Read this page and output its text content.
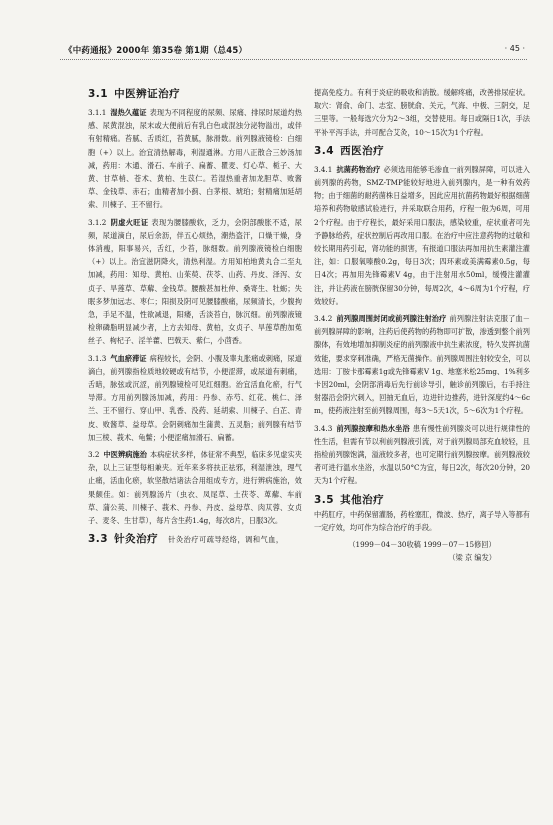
《中药通报》2000年 第35卷 第1期（总45）	· 45 ·
3.1 中医辨证治疗

3.1.1 湿热久蕴证 表现为不同程度的尿频、尿痛、排尿时尿道灼热感、尿黄混浊，尿末或大便前后有乳白色或混浊分泌物溢出，或伴有射精痛。苔腻、舌质红，苔黄腻，脉滑数。前列腺液镜检：白细胞（+）以上。治宜清热解毒，利湿通淋。方用八正散合三妙汤加减，药用：木通、滑石、车前子、扁蓄、瞿麦、灯心草、栀子、大黄、甘草梢、苍术、黄柏、生苡仁。若湿热重者加龙胆草、败酱草、金钱草、赤石；血精者加小蓟、白茅根、琥珀；射精痛加延胡索、川楝子、王不留行。

3.1.2 阴虚火旺证 表现为腰膝酸软，乏力，会阴部酸胀不适，尿频，尿道滴白，尿后余沥，伴五心烦热，潮热盗汗，口燥干燥，身体消瘦，阳事易兴，舌红，少苔，脉细数。前列腺液镜检白细胞（+）以上。治宜滋阴降火，清热利湿。方用知柏地黄丸合二至丸加减，药用：知母、黄柏、山茱萸、茯苓、山药、丹皮、泽泻、女贞子、旱莲草、草薢、金钱草。腰酸甚加杜仲、桑寄生、牡蛎；失眠多梦加远志、枣仁；阳损及阴可见腰膝酸痛，尿频清长，少腹拘急，手足不温，性欲减退，阳痿，舌淡苔白，脉沉细。前列腺液镜检卵磷脂明显减少者，上方去知母、黄柏，女贞子、旱莲草酌加菟丝子、枸杞子、淫羊藿、巴戟天、紫仁，小茴香。

3.1.3 气血瘀滞证 病程较长，会阴、小腹及睾丸胀痛或刺痛，尿道滴白，前列腺指检质地较硬或有结节，小便涩滞，或尿道有刺痛，舌暗，脉弦或沉涩，前列腺镜检可见红细胞。治宜活血化瘀，行气导滞。方用前列腺汤加减，药用：丹参、赤芍、红花、桃仁、泽兰、王不留行、穿山甲、乳香、没药、延胡索、川楝子、白芷、青皮、败酱草、益母草。会阴刺痛加生蒲黄、五灵脂；前列腺有结节加三棱、莪术、龟鳖；小便涩痛加滑石、扁蓄。

3.2 中医辨病施治 本病症状多样，体征常不典型，临床多见虚实夹杂，以上三证型每相兼夹。近年来多将扶正祛邪，利湿泄浊，理气止痛，活血化瘀，软坚散结诸法合用组成专方，进行辨病施治，效果颇佳。如：前列腺汤片（虫衣、凤尾草、土茯苓、萆薢、车前草、蒲公英、川楝子、莪术、丹参、丹皮、益母草、肉苁蓉、女贞子、麦冬、生甘草），每片含生药1.4g，每次8片，日服3次。

3.3 针灸治疗 针灸治疗可疏导经络，调和气血，

提高免疫力。有利于炎症的吸收和消散。缓解疼痛，改善排尿症状。取穴：肾俞、命门、志室、膀胱俞、关元，气海、中极、三阴交，足三里等。一般每选穴分为2～3组，交替使用。每日或隔日1次，手法平补平泻手法，并可配合艾灸，10～15次为1个疗程。

3.4 西医治疗

3.4.1 抗菌药物治疗 必须选用能够毛渗血一前列腺屏障，可以进入前列腺的药物，SMZ-TMP能较好地进入前列腺内，是一种有效药物；由于细菌的耐药菌株日益增多，因此应用抗菌药物最好根据细菌培养和药物敏感试验进行，并采取联合用药，疗程一般为6周，可用2个疗程。由于疗程长，最好采用口服法，感染较重，症状重者可先予静脉给药，症状控制后再改用口服。在治疗中应注意药物的过敏和较长期用药引起，肾功能的损害，有报道口服法再加用抗生素灌注灌注，如：口服氧嗪酸0.2g，每日3次；四环素或美满霉素0.5g，每日4次；再加用先锋霉素V 4g，由于注射用水50ml，缓慢注灌灌注，并让药液在膀胱保留30分钟，每周2次，4～6周为1个疗程，疗效较好。

3.4.2 前列腺周围封闭或前列腺注射治疗 前列腺注射法克服了血－前列腺屏障的影响，注药后使药物的药物即可扩散，渗透到整个前列腺体，有效地增加抑制炎症的前列腺液中抗生素浓度，特久发挥抗菌效能，要求穿刺准确，严格无菌操作。前列腺周围注射较安全，可以选用：丁胺卡那霉素1g或先锋霉素V 1g、地塞米松25mg、1%利多卡因20ml，会阴部消毒后先行前诊导引，触诊前列腺后，右手持注射器沿会阴穴刺入，回抽无血后，边进针边推药，进针深度约4～6cm，使药液注射至前列腺周围，每3～5天1次，5～6次为1个疗程。

3.4.3 前列腺按摩和热水坐浴 患有慢性前列腺炎可以进行规律性的性生活，但需有节以利前列腺液引流，对于前列腺局部充血较轻，且指检前列腺饱满，溢液较多者，也可定期行前列腺按摩。前列腺液较者可进行温水坐浴，水温以50°C为宜，每日2次，每次20分钟，20天为1个疗程。

3.5 其他治疗

中药肛疗，中药保留灌肠，药栓塞肛，微波、热疗，离子导入等都有一定疗效，均可作为综合治疗的手段。

（1999－04－30收稿 1999－07－15修回）
（梁 京 编发）
